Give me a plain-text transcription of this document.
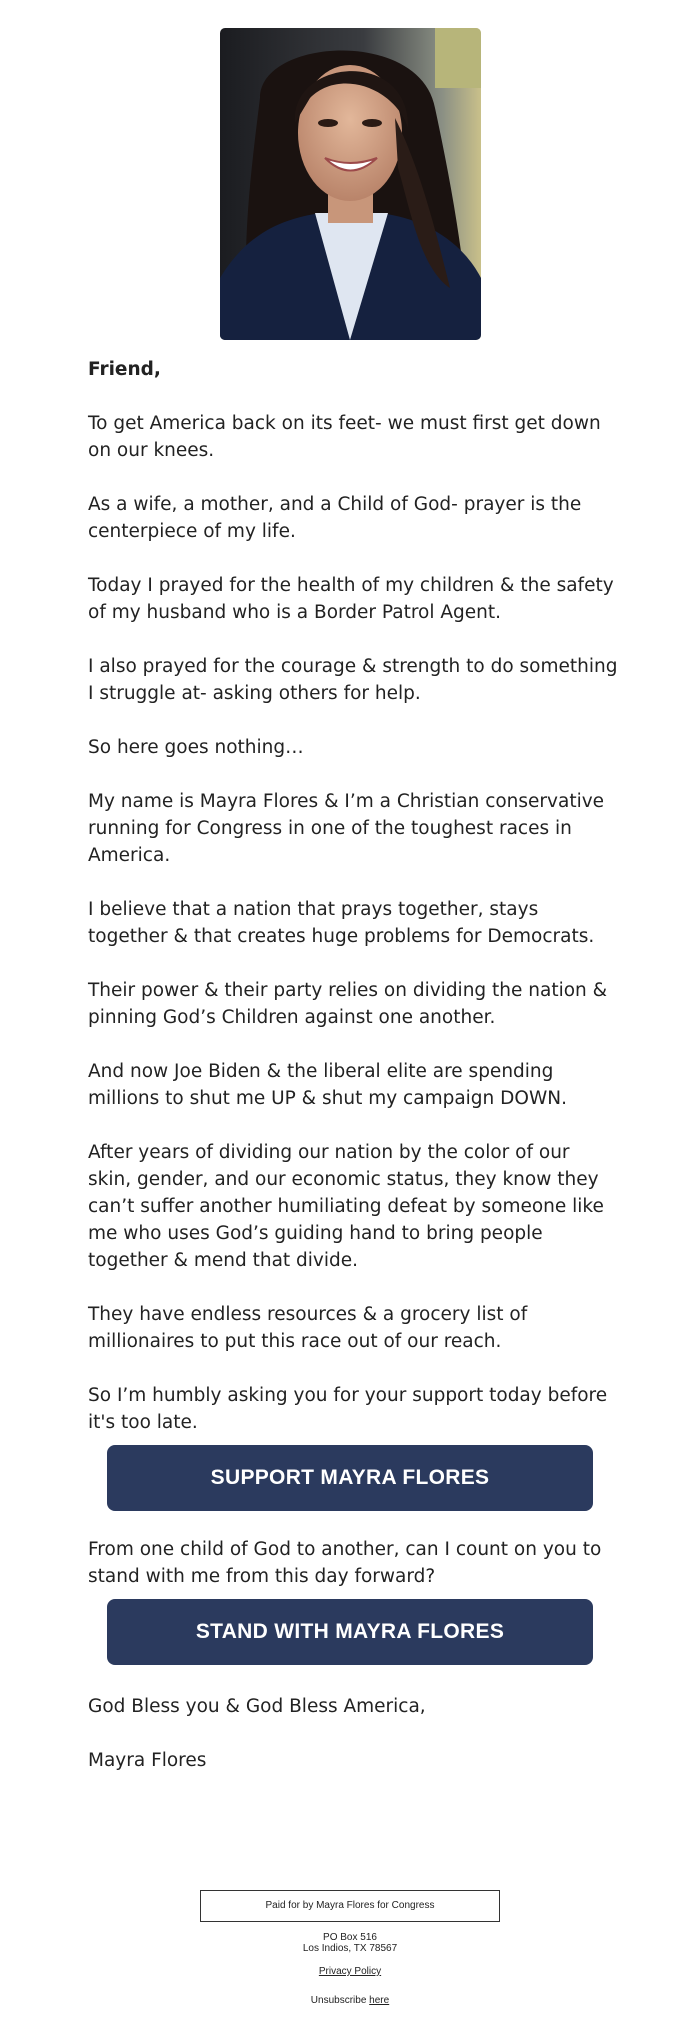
Friend,

To get America back on its feet- we must first get down on our knees.

As a wife, a mother, and a Child of God- prayer is the centerpiece of my life.

Today I prayed for the health of my children & the safety of my husband who is a Border Patrol Agent.

I also prayed for the courage & strength to do something I struggle at- asking others for help.

So here goes nothing…

My name is Mayra Flores & I’m a Christian conservative running for Congress in one of the toughest races in America.

I believe that a nation that prays together, stays together & that creates huge problems for Democrats.

Their power & their party relies on dividing the nation & pinning God’s Children against one another.

And now Joe Biden & the liberal elite are spending millions to shut me UP & shut my campaign DOWN.

After years of dividing our nation by the color of our skin, gender, and our economic status, they know they can’t suffer another humiliating defeat by someone like me who uses God’s guiding hand to bring people together & mend that divide.

They have endless resources & a grocery list of millionaires to put this race out of our reach.

So I’m humbly asking you for your support today before it's too late.

SUPPORT MAYRA FLORES

From one child of God to another, can I count on you to stand with me from this day forward?

STAND WITH MAYRA FLORES

God Bless you & God Bless America,

Mayra Flores

Paid for by Mayra Flores for Congress
PO Box 516
Los Indios, TX 78567
Privacy Policy
Unsubscribe here
